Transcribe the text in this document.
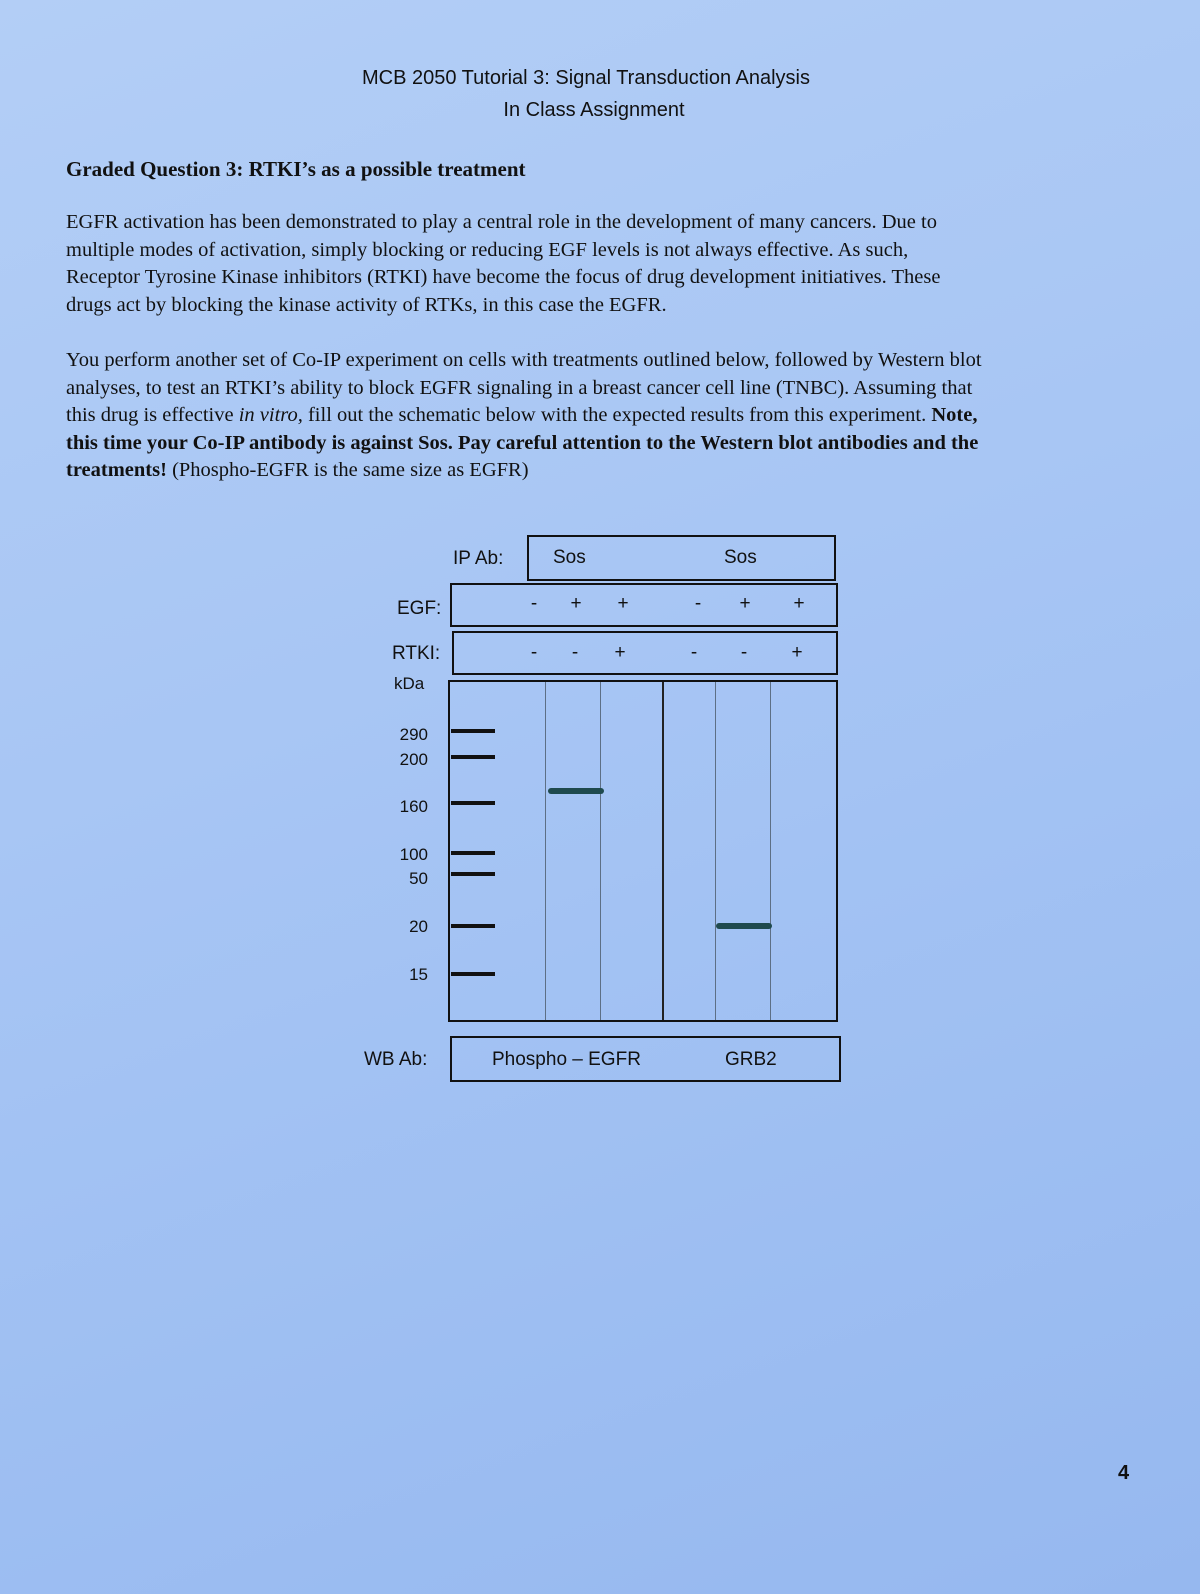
MCB 2050 Tutorial 3: Signal Transduction Analysis
In Class Assignment
Graded Question 3: RTKI’s as a possible treatment
EGFR activation has been demonstrated to play a central role in the development of many cancers. Due to
multiple modes of activation, simply blocking or reducing EGF levels is not always effective. As such,
Receptor Tyrosine Kinase inhibitors (RTKI) have become the focus of drug development initiatives. These
drugs act by blocking the kinase activity of RTKs, in this case the EGFR.
You perform another set of Co-IP experiment on cells with treatments outlined below, followed by Western blot
analyses, to test an RTKI’s ability to block EGFR signaling in a breast cancer cell line (TNBC). Assuming that
this drug is effective in vitro, fill out the schematic below with the expected results from this experiment. Note,
this time your Co-IP antibody is against Sos. Pay careful attention to the Western blot antibodies and the
treatments! (Phospho-EGFR is the same size as EGFR)
IP Ab:	Sos	Sos
EGF:	-	+	+	-	+	+
RTKI:	-	-	+	-	-	+
kDa
290
200
160
100
50
20
15
WB Ab:	Phospho – EGFR	GRB2
4
